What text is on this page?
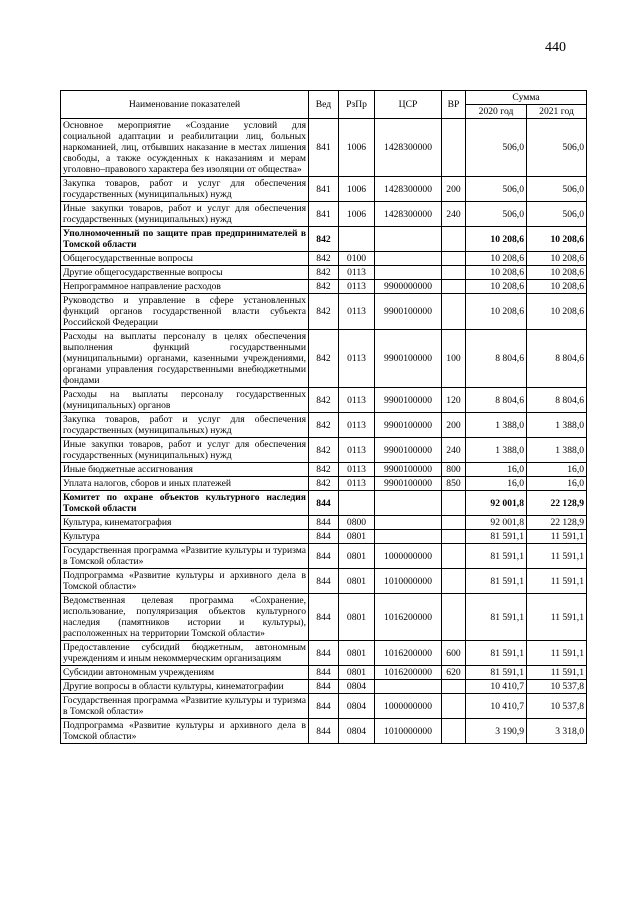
440
Наименование показателей	Вед	РзПр	ЦСР	ВР	Сумма	
					2020 год	2021 год
Основное мероприятие «Создание условий для социальной адаптации и реабилитации лиц, больных наркоманией, лиц, отбывших наказание в местах лишения свободы, а также осужденных к наказаниям и мерам уголовно–правового характера без изоляции от общества»	841	1006	1428300000		506,0	506,0
Закупка товаров, работ и услуг для обеспечения государственных (муниципальных) нужд	841	1006	1428300000	200	506,0	506,0
Иные закупки товаров, работ и услуг для обеспечения государственных (муниципальных) нужд	841	1006	1428300000	240	506,0	506,0
Уполномоченный по защите прав предпринимателей в Томской области	842				10 208,6	10 208,6
Общегосударственные вопросы	842	0100			10 208,6	10 208,6
Другие общегосударственные вопросы	842	0113			10 208,6	10 208,6
Непрограммное направление расходов	842	0113	9900000000		10 208,6	10 208,6
Руководство и управление в сфере установленных функций органов государственной власти субъекта Российской Федерации	842	0113	9900100000		10 208,6	10 208,6
Расходы на выплаты персоналу в целях обеспечения выполнения функций государственными (муниципальными) органами, казенными учреждениями, органами управления государственными внебюджетными фондами	842	0113	9900100000	100	8 804,6	8 804,6
Расходы на выплаты персоналу государственных (муниципальных) органов	842	0113	9900100000	120	8 804,6	8 804,6
Закупка товаров, работ и услуг для обеспечения государственных (муниципальных) нужд	842	0113	9900100000	200	1 388,0	1 388,0
Иные закупки товаров, работ и услуг для обеспечения государственных (муниципальных) нужд	842	0113	9900100000	240	1 388,0	1 388,0
Иные бюджетные ассигнования	842	0113	9900100000	800	16,0	16,0
Уплата налогов, сборов и иных платежей	842	0113	9900100000	850	16,0	16,0
Комитет по охране объектов культурного наследия Томской области	844				92 001,8	22 128,9
Культура, кинематография	844	0800			92 001,8	22 128,9
Культура	844	0801			81 591,1	11 591,1
Государственная программа «Развитие культуры и туризма в Томской области»	844	0801	1000000000		81 591,1	11 591,1
Подпрограмма «Развитие культуры и архивного дела в Томской области»	844	0801	1010000000		81 591,1	11 591,1
Ведомственная целевая программа «Сохранение, использование, популяризация объектов культурного наследия (памятников истории и культуры), расположенных на территории Томской области»	844	0801	1016200000		81 591,1	11 591,1
Предоставление субсидий бюджетным, автономным учреждениям и иным некоммерческим организациям	844	0801	1016200000	600	81 591,1	11 591,1
Субсидии автономным учреждениям	844	0801	1016200000	620	81 591,1	11 591,1
Другие вопросы в области культуры, кинематографии	844	0804			10 410,7	10 537,8
Государственная программа «Развитие культуры и туризма в Томской области»	844	0804	1000000000		10 410,7	10 537,8
Подпрограмма «Развитие культуры и архивного дела в Томской области»	844	0804	1010000000		3 190,9	3 318,0
